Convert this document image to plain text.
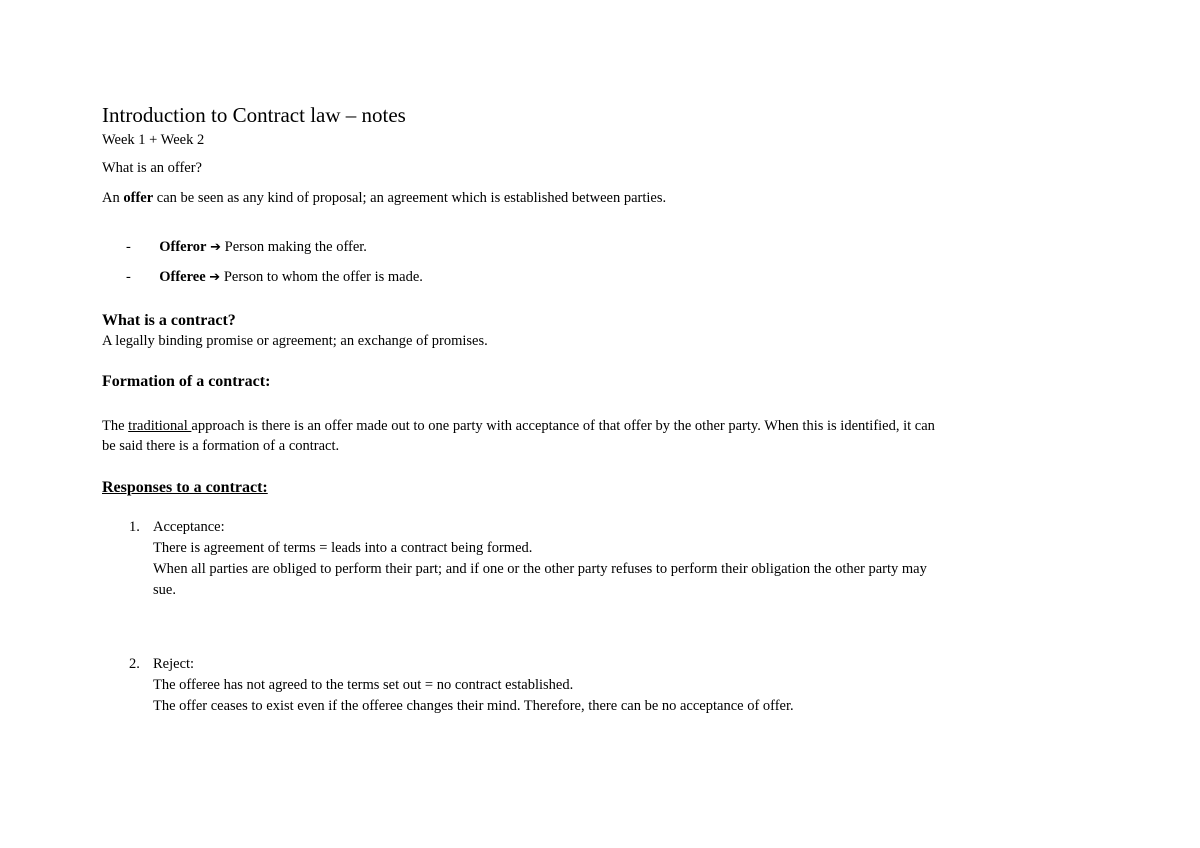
Introduction to Contract law – notes
Week 1 + Week 2
What is an offer?
An offer can be seen as any kind of proposal; an agreement which is established between parties.
- Offeror ➔ Person making the offer.
- Offeree ➔ Person to whom the offer is made.
What is a contract?
A legally binding promise or agreement; an exchange of promises.
Formation of a contract:
The traditional approach is there is an offer made out to one party with acceptance of that offer by the other party. When this is identified, it can
be said there is a formation of a contract.
Responses to a contract:
1. Acceptance:
There is agreement of terms = leads into a contract being formed.
When all parties are obliged to perform their part; and if one or the other party refuses to perform their obligation the other party may
sue.
2. Reject:
The offeree has not agreed to the terms set out = no contract established.
The offer ceases to exist even if the offeree changes their mind. Therefore, there can be no acceptance of offer.
